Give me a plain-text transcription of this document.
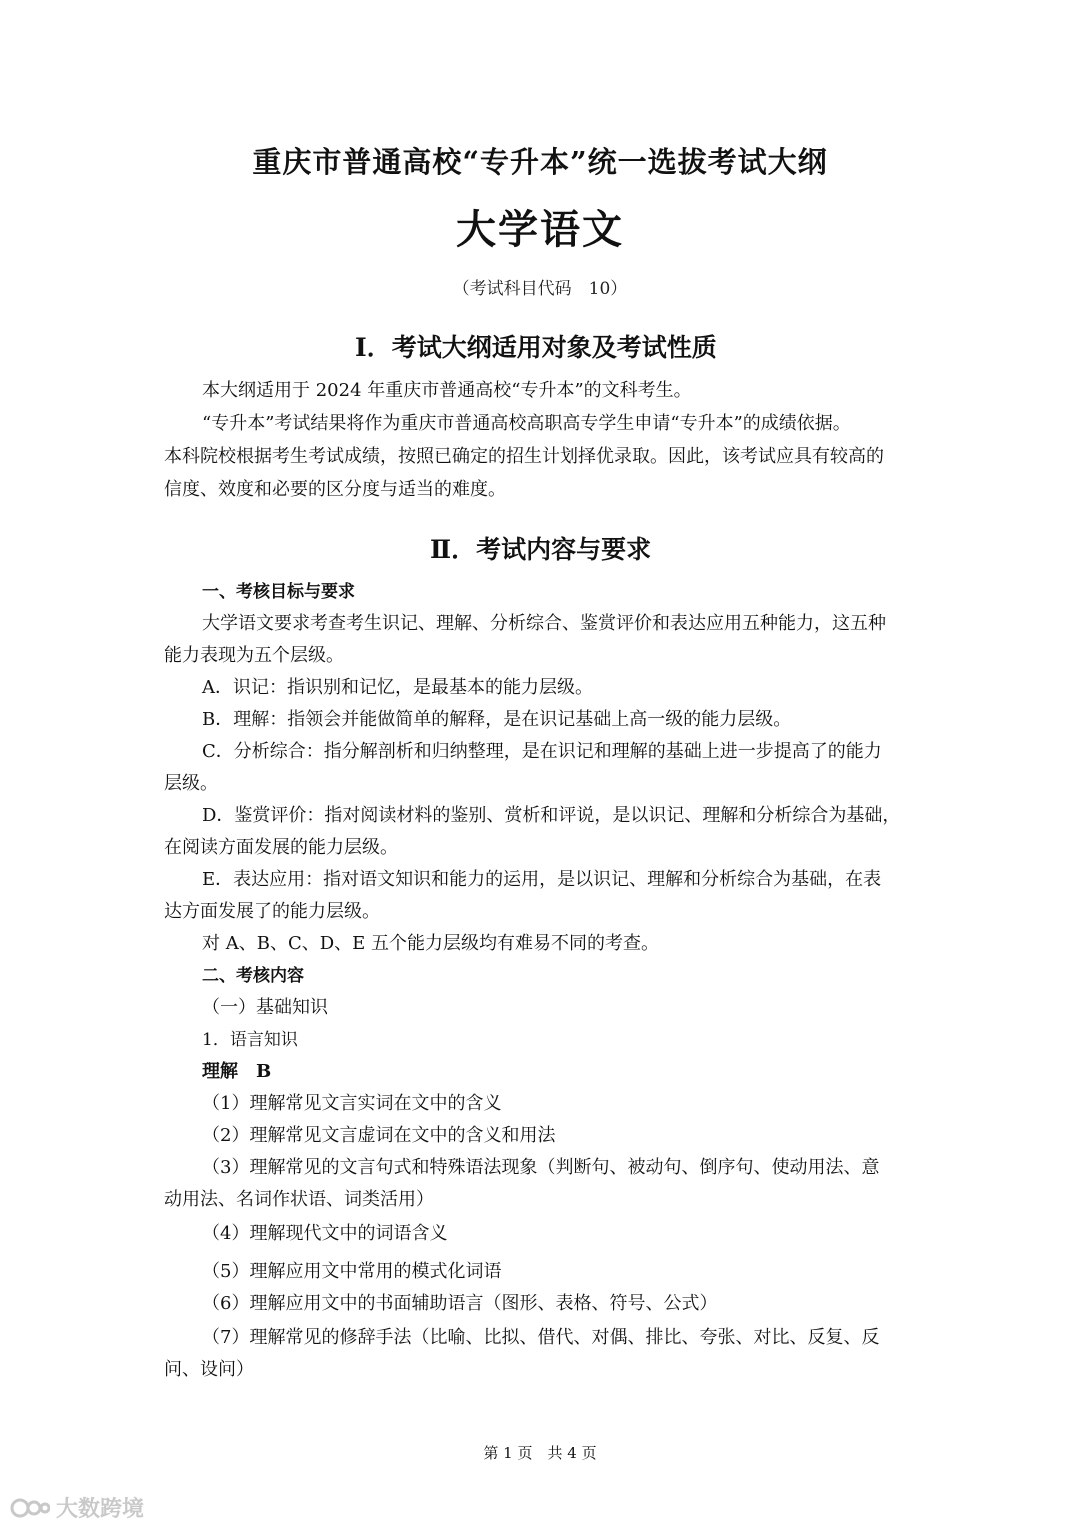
重庆市普通高校“专升本”统一选拔考试大纲
大学语文
（考试科目代码　10）
Ⅰ．考试大纲适用对象及考试性质
本大纲适用于 2024 年重庆市普通高校“专升本”的文科考生。
“专升本”考试结果将作为重庆市普通高校高职高专学生申请“专升本”的成绩依据。
本科院校根据考生考试成绩，按照已确定的招生计划择优录取。因此，该考试应具有较高的
信度、效度和必要的区分度与适当的难度。
Ⅱ．考试内容与要求
一、考核目标与要求
大学语文要求考查考生识记、理解、分析综合、鉴赏评价和表达应用五种能力，这五种
能力表现为五个层级。
A．识记：指识别和记忆，是最基本的能力层级。
B．理解：指领会并能做简单的解释，是在识记基础上高一级的能力层级。
C．分析综合：指分解剖析和归纳整理，是在识记和理解的基础上进一步提高了的能力
层级。
D．鉴赏评价：指对阅读材料的鉴别、赏析和评说，是以识记、理解和分析综合为基础，
在阅读方面发展的能力层级。
E．表达应用：指对语文知识和能力的运用，是以识记、理解和分析综合为基础，在表
达方面发展了的能力层级。
对 A、B、C、D、E 五个能力层级均有难易不同的考查。
二、考核内容
（一）基础知识
1．语言知识
理解　B
（1）理解常见文言实词在文中的含义
（2）理解常见文言虚词在文中的含义和用法
（3）理解常见的文言句式和特殊语法现象（判断句、被动句、倒序句、使动用法、意
动用法、名词作状语、词类活用）
（4）理解现代文中的词语含义
（5）理解应用文中常用的模式化词语
（6）理解应用文中的书面辅助语言（图形、表格、符号、公式）
（7）理解常见的修辞手法（比喻、比拟、借代、对偶、排比、夸张、对比、反复、反
问、设问）
第 1 页　共 4 页
大数跨境
